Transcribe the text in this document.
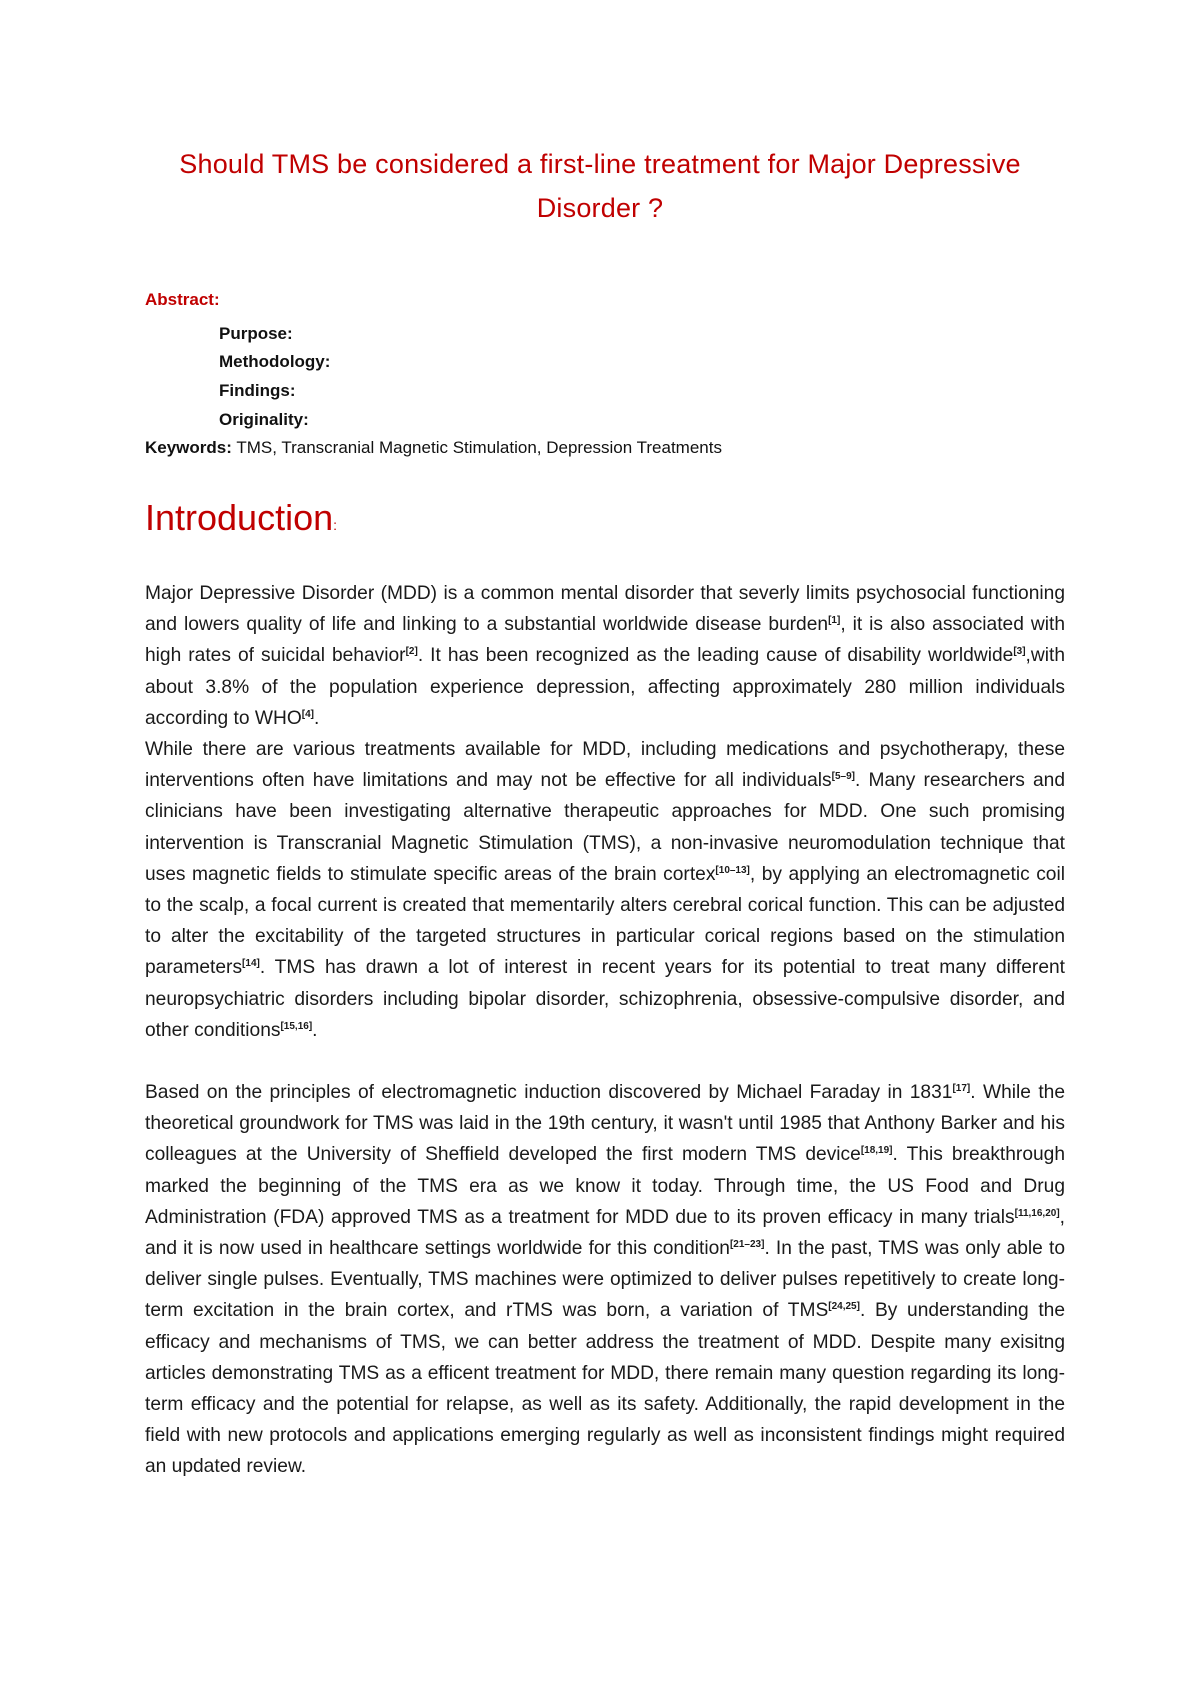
Should TMS be considered a first-line treatment for Major Depressive Disorder ?
Abstract:
Purpose:
Methodology:
Findings:
Originality:
Keywords: TMS, Transcranial Magnetic Stimulation, Depression Treatments
Introduction:

Major Depressive Disorder (MDD) is a common mental disorder that severly limits psychosocial functioning and lowers quality of life and linking to a substantial worldwide disease burden[1], it is also associated with high rates of suicidal behavior[2]. It has been recognized as the leading cause of disability worldwide[3],with about 3.8% of the population experience depression, affecting approximately 280 million individuals according to WHO[4].

While there are various treatments available for MDD, including medications and psychotherapy, these interventions often have limitations and may not be effective for all individuals[5–9]. Many researchers and clinicians have been investigating alternative therapeutic approaches for MDD. One such promising intervention is Transcranial Magnetic Stimulation (TMS), a non-invasive neuromodulation technique that uses magnetic fields to stimulate specific areas of the brain cortex[10–13], by applying an electromagnetic coil to the scalp, a focal current is created that mementarily alters cerebral corical function. This can be adjusted to alter the excitability of the targeted structures in particular corical regions based on the stimulation parameters[14]. TMS has drawn a lot of interest in recent years for its potential to treat many different neuropsychiatric disorders including bipolar disorder, schizophrenia, obsessive-compulsive disorder, and other conditions[15,16].

Based on the principles of electromagnetic induction discovered by Michael Faraday in 1831[17]. While the theoretical groundwork for TMS was laid in the 19th century, it wasn't until 1985 that Anthony Barker and his colleagues at the University of Sheffield developed the first modern TMS device[18,19]. This breakthrough marked the beginning of the TMS era as we know it today. Through time, the US Food and Drug Administration (FDA) approved TMS as a treatment for MDD due to its proven efficacy in many trials[11,16,20], and it is now used in healthcare settings worldwide for this condition[21–23]. In the past, TMS was only able to deliver single pulses. Eventually, TMS machines were optimized to deliver pulses repetitively to create long-term excitation in the brain cortex, and rTMS was born, a variation of TMS[24,25]. By understanding the efficacy and mechanisms of TMS, we can better address the treatment of MDD. Despite many exisitng articles demonstrating TMS as a efficent treatment for MDD, there remain many question regarding its long-term efficacy and the potential for relapse, as well as its safety. Additionally, the rapid development in the field with new protocols and applications emerging regularly as well as inconsistent findings might required an updated review.
